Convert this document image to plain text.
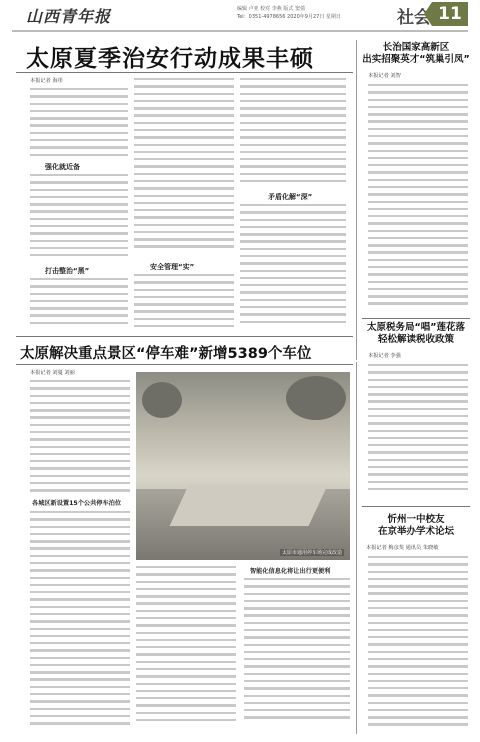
山西青年报	编辑 卢亚 校对 李燕 版式 窦倩
Tel：0351-4978656 2020年9月27日 星期日	社会 11
太原夏季治安行动成果丰硕
本报记者 海彤
强化就近备
打击整治“黑”	安全管理“实”
矛盾化解“深”
太原解决重点景区“停车难”新增5389个车位
本报记者 刘蔓 刘丽
各城区新设置15个公共停车泊位
太原市通用停车场完成改造
智能化信息化将让出行更便利
长治国家高新区
出实招聚英才“筑巢引凤”
本报记者 刘智
太原税务局“唱”莲花落
轻松解读税收政策
本报记者 李强
忻州一中校友
在京举办学术论坛
本报记者 梅彦斐 通讯员 朱晓敏
